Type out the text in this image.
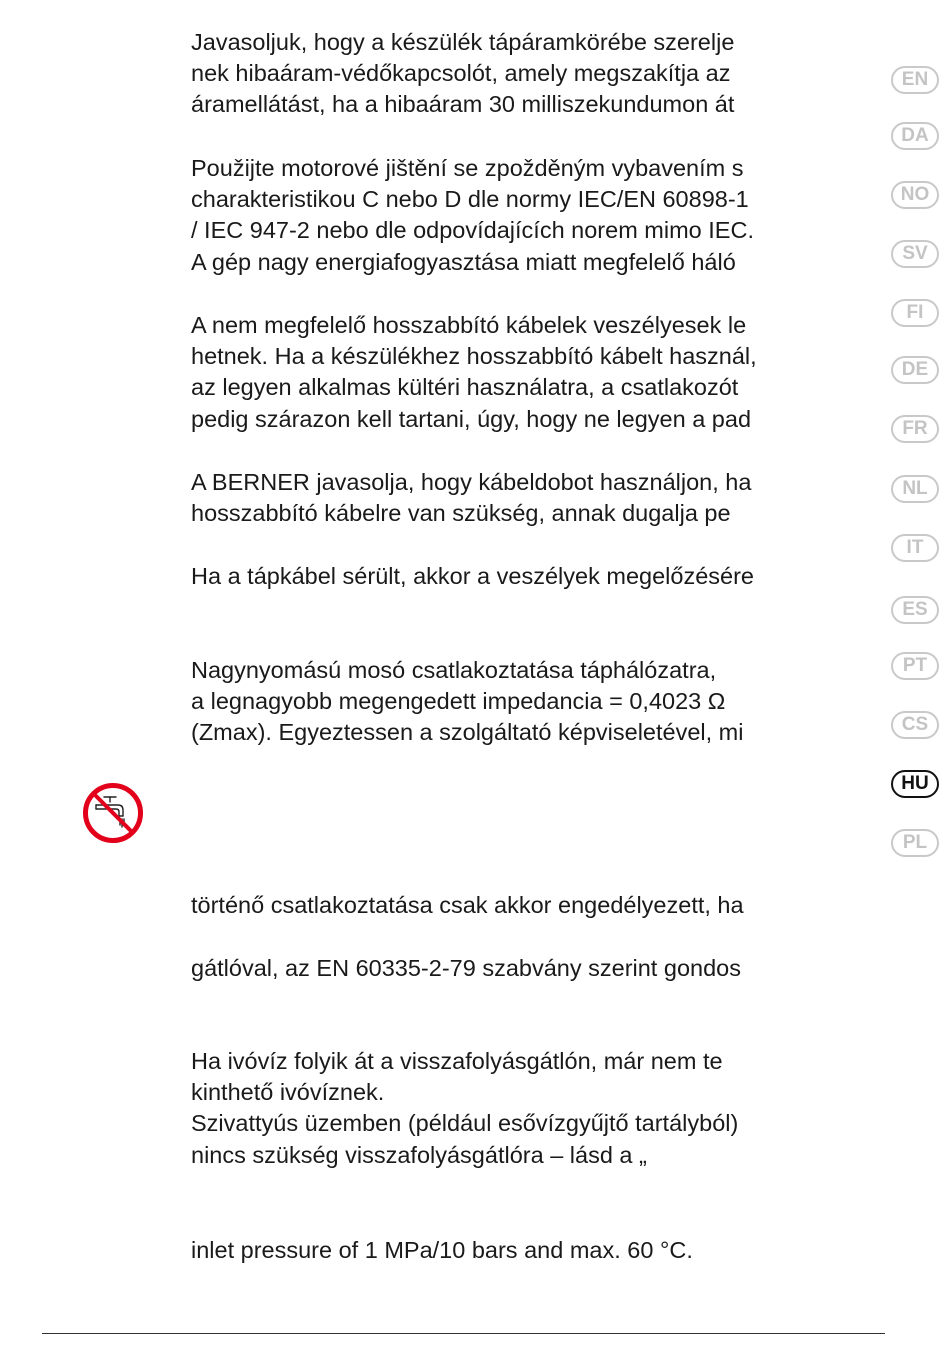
Javasoljuk, hogy a készülék tápáramkörébe szerelje
nek hibaáram-védőkapcsolót, amely megszakítja az
áramellátást, ha a hibaáram 30 milliszekundumon át
Použijte motorové jištění se zpožděným vybavením s
charakteristikou C nebo D dle normy IEC/EN 60898-1
/ IEC 947-2 nebo dle odpovídajících norem mimo IEC.
A gép nagy energiafogyasztása miatt megfelelő háló
A nem megfelelő hosszabbító kábelek veszélyesek le
hetnek. Ha a készülékhez hosszabbító kábelt használ,
az legyen alkalmas kültéri használatra, a csatlakozót
pedig szárazon kell tartani, úgy, hogy ne legyen a pad
A BERNER javasolja, hogy kábeldobot használjon, ha
hosszabbító kábelre van szükség, annak dugalja pe
Ha a tápkábel sérült, akkor a veszélyek megelőzésére
Nagynyomású mosó csatlakoztatása táphálózatra,
a legnagyobb megengedett impedancia = 0,4023 Ω
(Zmax). Egyeztessen a szolgáltató képviseletével, mi
történő csatlakoztatása csak akkor engedélyezett, ha
gátlóval, az EN 60335-2-79 szabvány szerint gondos
Ha ivóvíz folyik át a visszafolyásgátlón, már nem te
kinthető ivóvíznek.
Szivattyús üzemben (például esővízgyűjtő tartályból)
nincs szükség visszafolyásgátlóra – lásd a „
inlet pressure of 1 MPa/10 bars and max. 60 °C.
EN
DA
NO
SV
FI
DE
FR
NL
IT
ES
PT
CS
HU
PL
